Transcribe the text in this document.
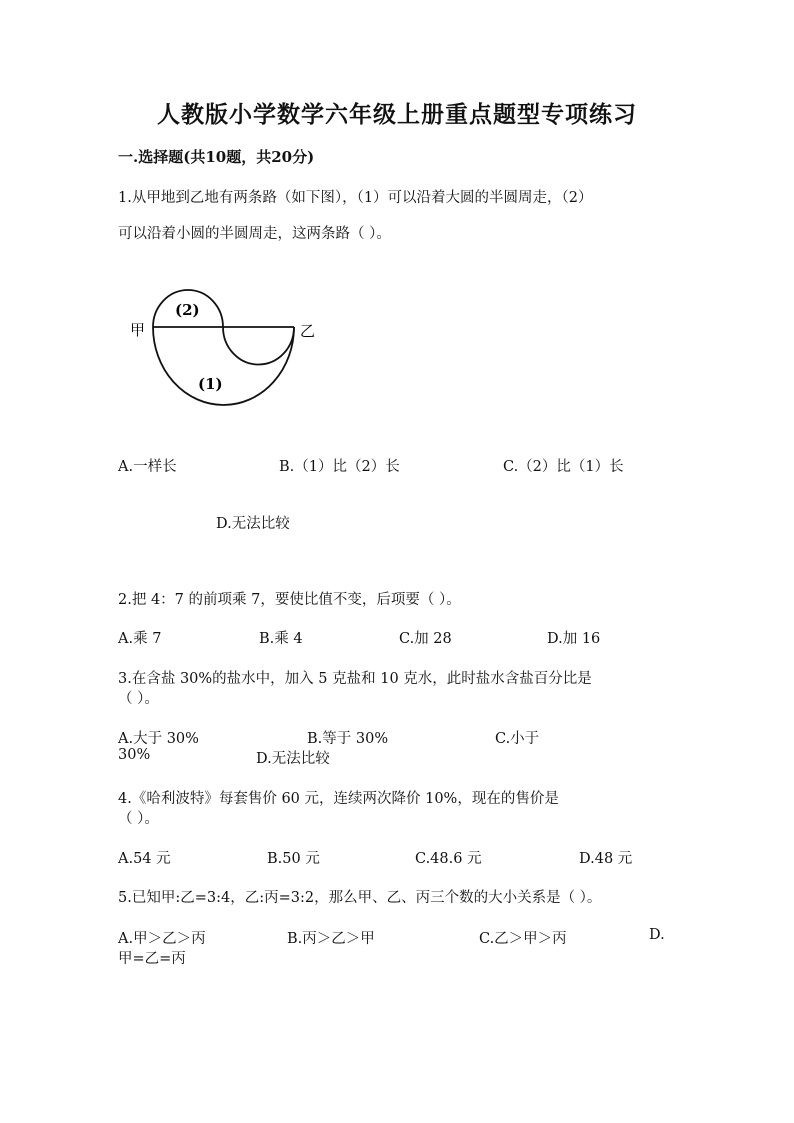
人教版小学数学六年级上册重点题型专项练习
一.选择题(共10题，共20分)
1.从甲地到乙地有两条路（如下图），（1）可以沿着大圆的半圆周走，（2）
可以沿着小圆的半圆周走，这两条路（ ）。
甲	乙
(2)
(1)
A.一样长	B.（1）比（2）长	C.（2）比（1）长
D.无法比较
2.把 4：7 的前项乘 7，要使比值不变，后项要（ ）。
A.乘 7	B.乘 4	C.加 28	D.加 16
3.在含盐 30%的盐水中，加入 5 克盐和 10 克水，此时盐水含盐百分比是
（ ）。
A.大于 30%	B.等于 30%	C.小于
30%	D.无法比较
4.《哈利波特》每套售价 60 元，连续两次降价 10%，现在的售价是
（ ）。
A.54 元	B.50 元	C.48.6 元	D.48 元
5.已知甲:乙=3:4，乙:丙=3:2，那么甲、乙、丙三个数的大小关系是（ ）。
A.甲＞乙＞丙	B.丙＞乙＞甲	C.乙＞甲＞丙	D.
甲=乙=丙
